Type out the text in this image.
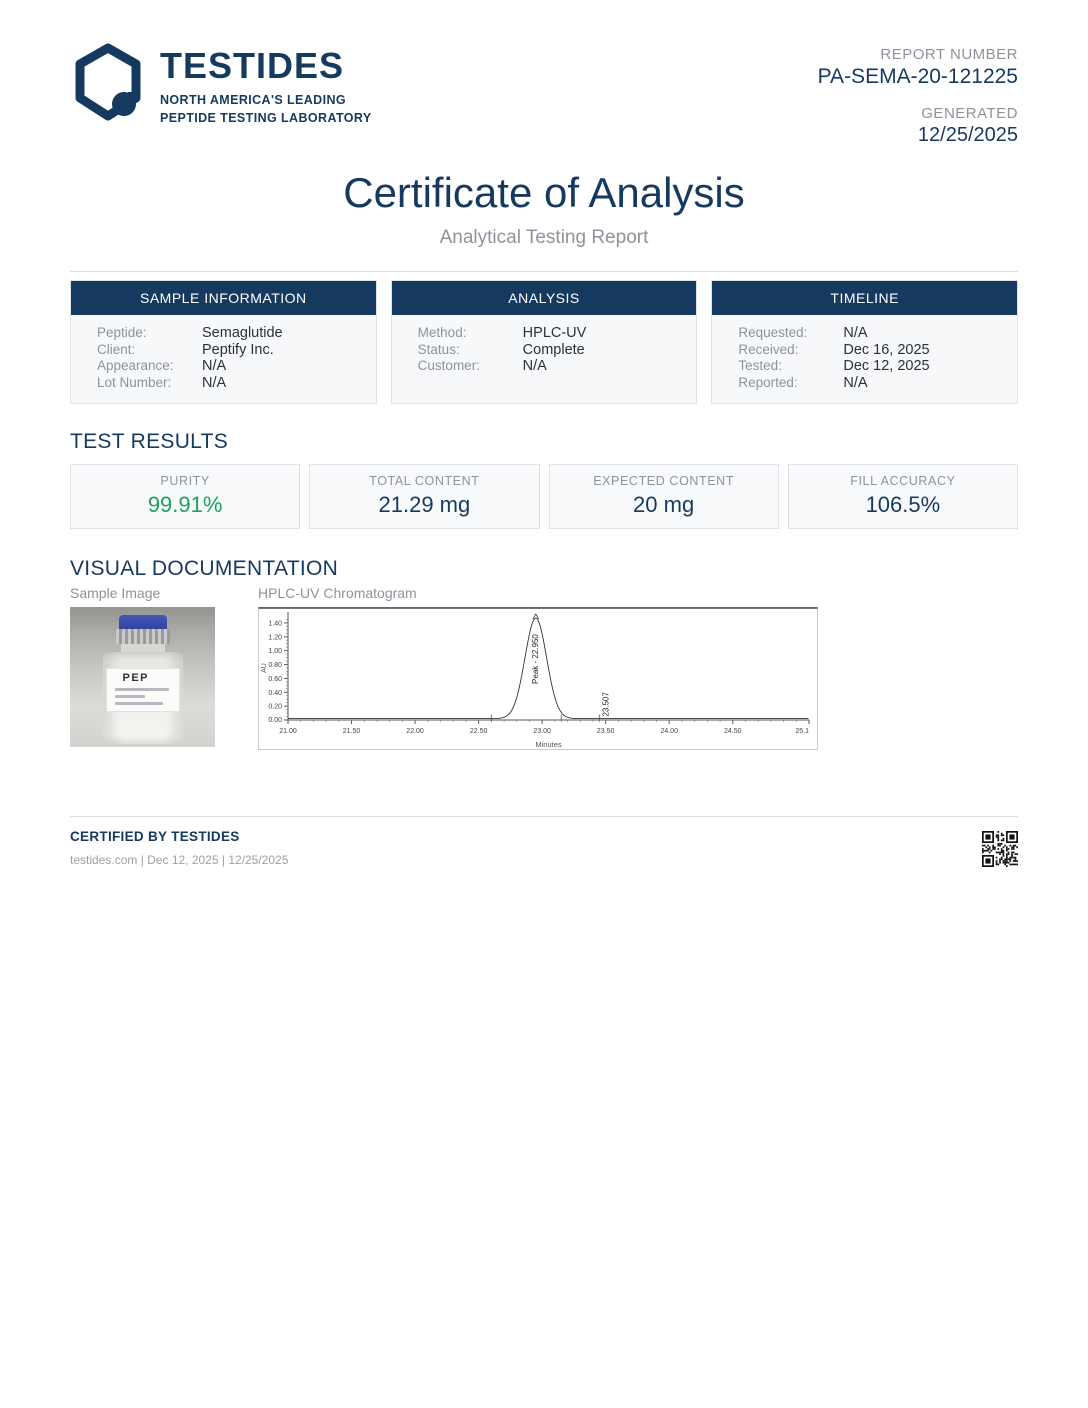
TESTIDES
NORTH AMERICA'S LEADING
PEPTIDE TESTING LABORATORY
REPORT NUMBER
PA-SEMA-20-121225
GENERATED
12/25/2025
Certificate of Analysis
Analytical Testing Report
SAMPLE INFORMATION
Peptide:	Semaglutide
Client:	Peptify Inc.
Appearance:	N/A
Lot Number:	N/A
ANALYSIS
Method:	HPLC-UV
Status:	Complete
Customer:	N/A
TIMELINE
Requested:	N/A
Received:	Dec 16, 2025
Tested:	Dec 12, 2025
Reported:	N/A
TEST RESULTS
PURITY
99.91%
TOTAL CONTENT
21.29 mg
EXPECTED CONTENT
20 mg
FILL ACCURACY
106.5%
VISUAL DOCUMENTATION
Sample Image	HPLC-UV Chromatogram
PEP
0.20
0.40
0.60
0.80
1.00
1.20
1.40
0.00
21.00	21.50	22.00	22.50	23.00	23.50	24.00	24.50	25.1
Minutes
AU	Peak - 22.950
23.507
CERTIFIED BY TESTIDES
testides.com | Dec 12, 2025 | 12/25/2025
